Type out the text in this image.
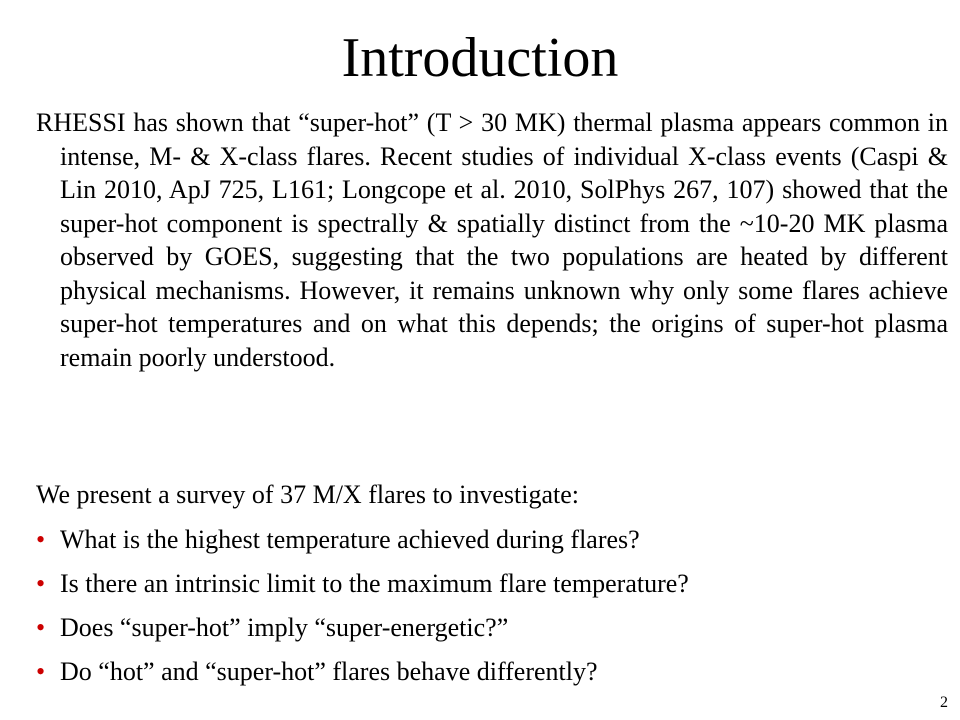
Introduction

RHESSI has shown that “super-hot” (T > 30 MK) thermal plasma appears common in intense, M- & X-class flares. Recent studies of individual X-class events (Caspi & Lin 2010, ApJ 725, L161; Longcope et al. 2010, SolPhys 267, 107) showed that the super-hot component is spectrally & spatially distinct from the ~10-20 MK plasma observed by GOES, suggesting that the two populations are heated by different physical mechanisms. However, it remains unknown why only some flares achieve super-hot temperatures and on what this depends; the origins of super-hot plasma remain poorly understood.

We present a survey of 37 M/X flares to investigate:

• What is the highest temperature achieved during flares?
• Is there an intrinsic limit to the maximum flare temperature?
• Does “super-hot” imply “super-energetic?”
• Do “hot” and “super-hot” flares behave differently?
2
